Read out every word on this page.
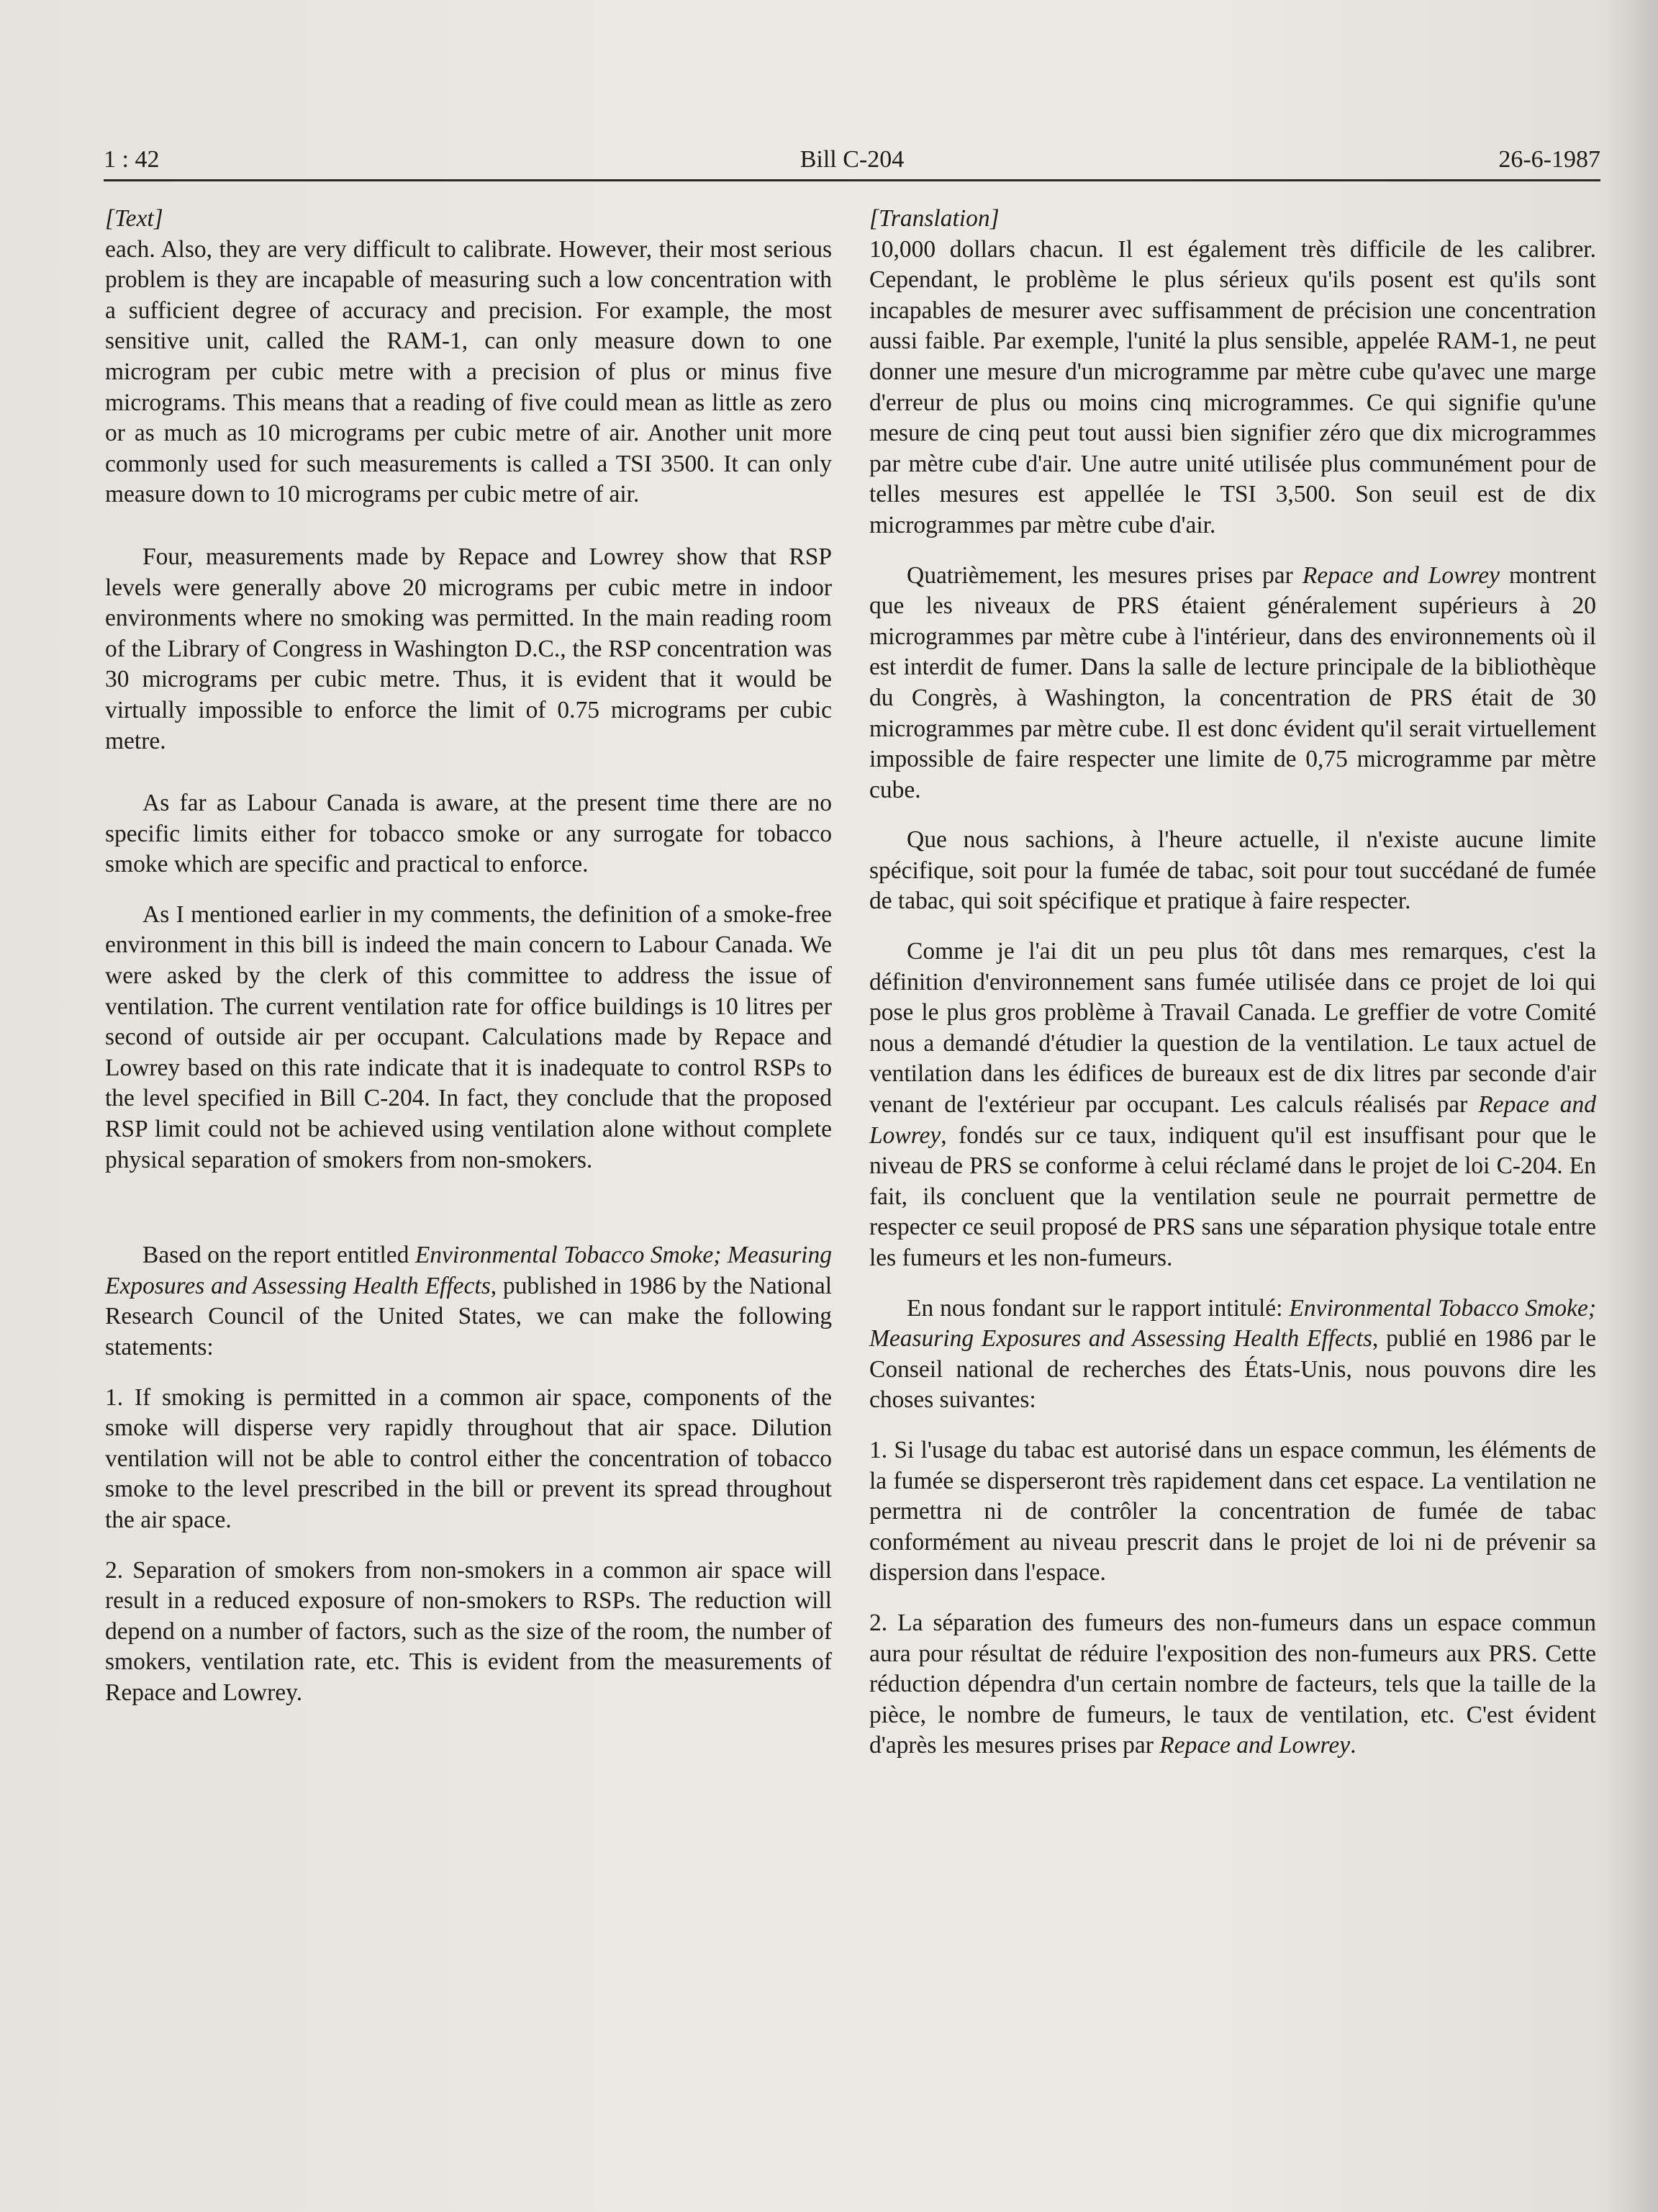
1 : 42	Bill C-204	26-6-1987

[Text]

each. Also, they are very difficult to calibrate. However, their most serious problem is they are incapable of measuring such a low concentration with a sufficient degree of accuracy and precision. For example, the most sensitive unit, called the RAM-1, can only measure down to one microgram per cubic metre with a precision of plus or minus five micrograms. This means that a reading of five could mean as little as zero or as much as 10 micrograms per cubic metre of air. Another unit more commonly used for such measurements is called a TSI 3500. It can only measure down to 10 micrograms per cubic metre of air.

Four, measurements made by Repace and Lowrey show that RSP levels were generally above 20 micrograms per cubic metre in indoor environments where no smoking was permitted. In the main reading room of the Library of Congress in Washington D.C., the RSP concentration was 30 micrograms per cubic metre. Thus, it is evident that it would be virtually impossible to enforce the limit of 0.75 micrograms per cubic metre.

As far as Labour Canada is aware, at the present time there are no specific limits either for tobacco smoke or any surrogate for tobacco smoke which are specific and practical to enforce.

As I mentioned earlier in my comments, the definition of a smoke-free environment in this bill is indeed the main concern to Labour Canada. We were asked by the clerk of this committee to address the issue of ventilation. The current ventilation rate for office buildings is 10 litres per second of outside air per occupant. Calculations made by Repace and Lowrey based on this rate indicate that it is inadequate to control RSPs to the level specified in Bill C-204. In fact, they conclude that the proposed RSP limit could not be achieved using ventilation alone without complete physical separation of smokers from non-smokers.

Based on the report entitled Environmental Tobacco Smoke; Measuring Exposures and Assessing Health Effects, published in 1986 by the National Research Council of the United States, we can make the following statements:

1. If smoking is permitted in a common air space, components of the smoke will disperse very rapidly throughout that air space. Dilution ventilation will not be able to control either the concentration of tobacco smoke to the level prescribed in the bill or prevent its spread throughout the air space.

2. Separation of smokers from non-smokers in a common air space will result in a reduced exposure of non-smokers to RSPs. The reduction will depend on a number of factors, such as the size of the room, the number of smokers, ventilation rate, etc. This is evident from the measurements of Repace and Lowrey.

[Translation]

10,000 dollars chacun. Il est également très difficile de les calibrer. Cependant, le problème le plus sérieux qu'ils posent est qu'ils sont incapables de mesurer avec suffisamment de précision une concentration aussi faible. Par exemple, l'unité la plus sensible, appelée RAM-1, ne peut donner une mesure d'un microgramme par mètre cube qu'avec une marge d'erreur de plus ou moins cinq microgrammes. Ce qui signifie qu'une mesure de cinq peut tout aussi bien signifier zéro que dix microgrammes par mètre cube d'air. Une autre unité utilisée plus communément pour de telles mesures est appellée le TSI 3,500. Son seuil est de dix microgrammes par mètre cube d'air.

Quatrièmement, les mesures prises par Repace and Lowrey montrent que les niveaux de PRS étaient généralement supérieurs à 20 microgrammes par mètre cube à l'intérieur, dans des environnements où il est interdit de fumer. Dans la salle de lecture principale de la bibliothèque du Congrès, à Washington, la concentration de PRS était de 30 microgrammes par mètre cube. Il est donc évident qu'il serait virtuellement impossible de faire respecter une limite de 0,75 microgramme par mètre cube.

Que nous sachions, à l'heure actuelle, il n'existe aucune limite spécifique, soit pour la fumée de tabac, soit pour tout succédané de fumée de tabac, qui soit spécifique et pratique à faire respecter.

Comme je l'ai dit un peu plus tôt dans mes remarques, c'est la définition d'environnement sans fumée utilisée dans ce projet de loi qui pose le plus gros problème à Travail Canada. Le greffier de votre Comité nous a demandé d'étudier la question de la ventilation. Le taux actuel de ventilation dans les édifices de bureaux est de dix litres par seconde d'air venant de l'extérieur par occupant. Les calculs réalisés par Repace and Lowrey, fondés sur ce taux, indiquent qu'il est insuffisant pour que le niveau de PRS se conforme à celui réclamé dans le projet de loi C-204. En fait, ils concluent que la ventilation seule ne pourrait permettre de respecter ce seuil proposé de PRS sans une séparation physique totale entre les fumeurs et les non-fumeurs.

En nous fondant sur le rapport intitulé: Environmental Tobacco Smoke; Measuring Exposures and Assessing Health Effects, publié en 1986 par le Conseil national de recherches des États-Unis, nous pouvons dire les choses suivantes:

1. Si l'usage du tabac est autorisé dans un espace commun, les éléments de la fumée se disperseront très rapidement dans cet espace. La ventilation ne permettra ni de contrôler la concentration de fumée de tabac conformément au niveau prescrit dans le projet de loi ni de prévenir sa dispersion dans l'espace.

2. La séparation des fumeurs des non-fumeurs dans un espace commun aura pour résultat de réduire l'exposition des non-fumeurs aux PRS. Cette réduction dépendra d'un certain nombre de facteurs, tels que la taille de la pièce, le nombre de fumeurs, le taux de ventilation, etc. C'est évident d'après les mesures prises par Repace and Lowrey.
